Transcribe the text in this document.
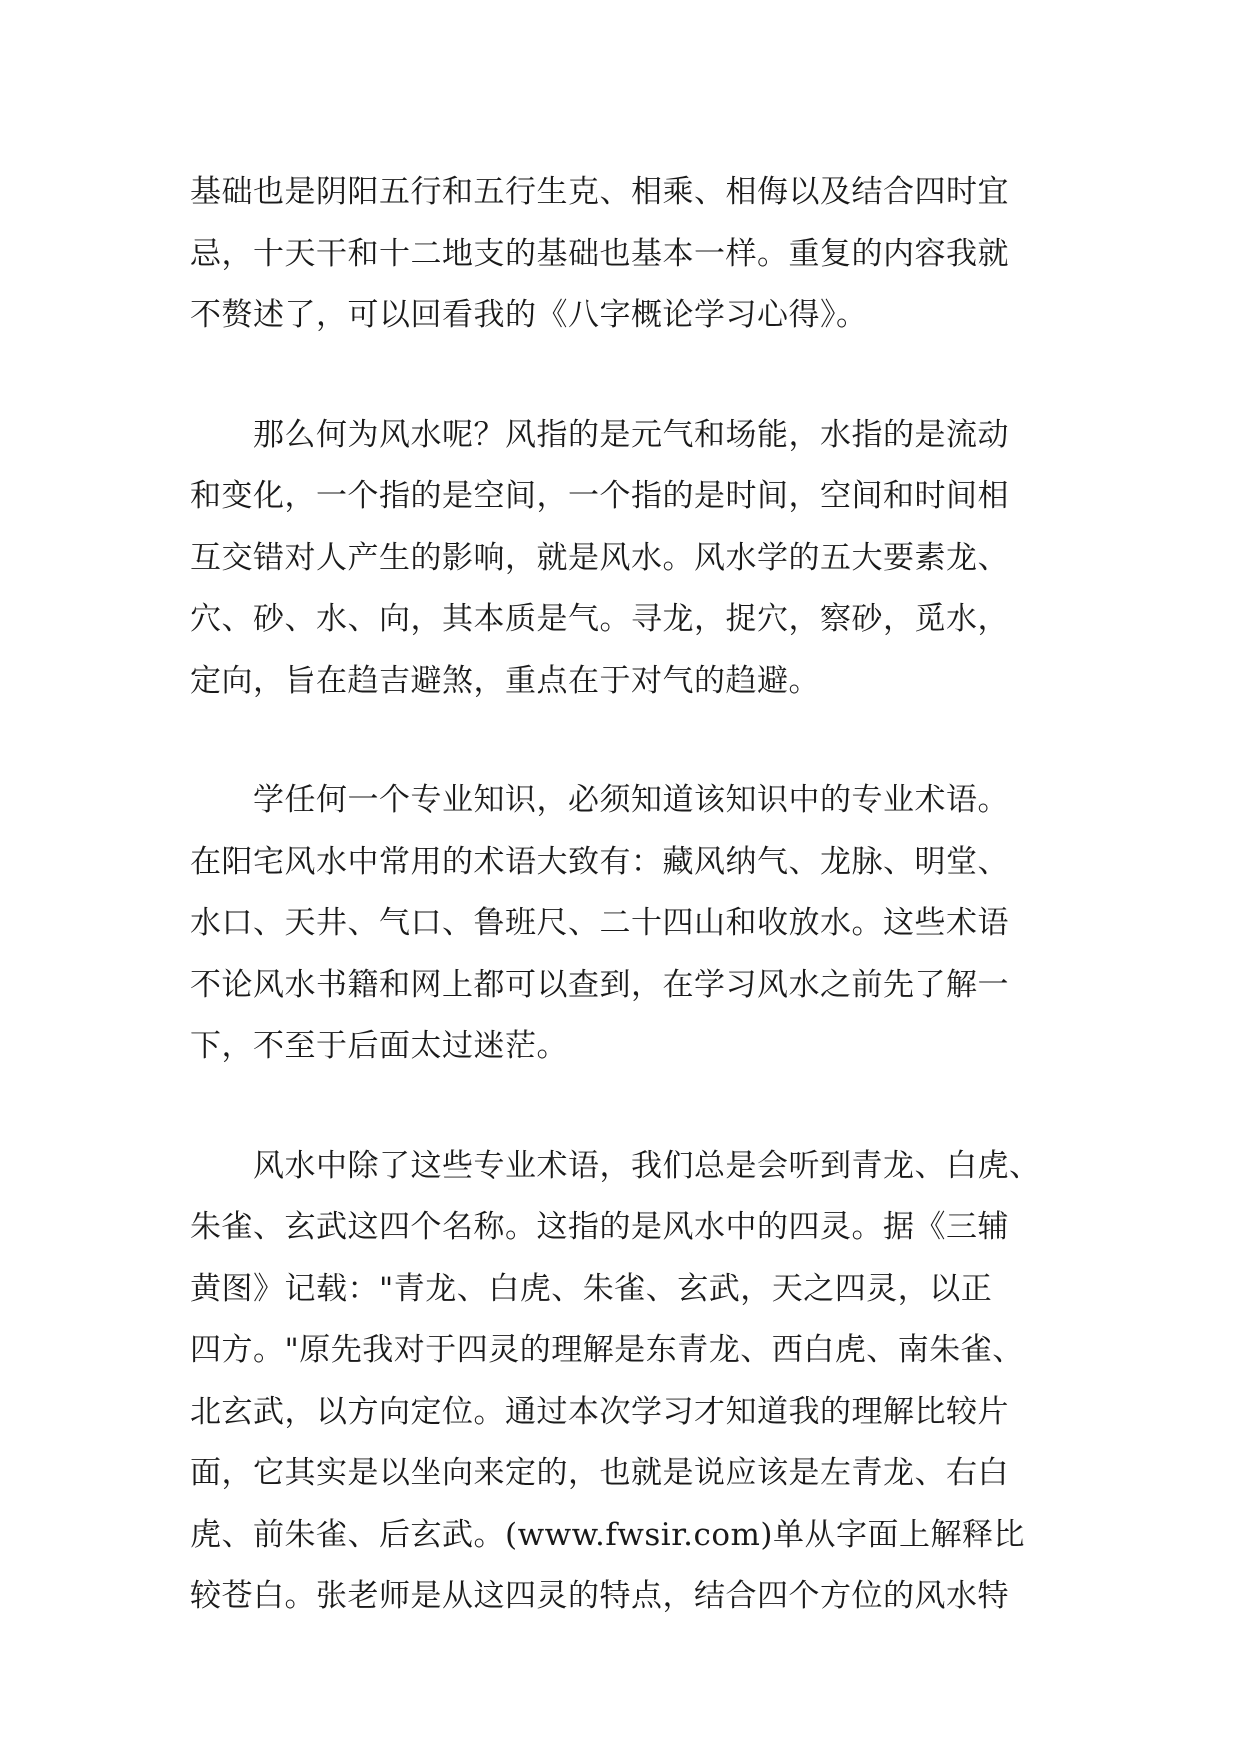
基础也是阴阳五行和五行生克、相乘、相侮以及结合四时宜
忌，十天干和十二地支的基础也基本一样。重复的内容我就
不赘述了，可以回看我的《八字概论学习心得》。

　　那么何为风水呢？风指的是元气和场能，水指的是流动
和变化，一个指的是空间，一个指的是时间，空间和时间相
互交错对人产生的影响，就是风水。风水学的五大要素龙、
穴、砂、水、向，其本质是气。寻龙，捉穴，察砂，觅水，
定向，旨在趋吉避煞，重点在于对气的趋避。

　　学任何一个专业知识，必须知道该知识中的专业术语。
在阳宅风水中常用的术语大致有：藏风纳气、龙脉、明堂、
水口、天井、气口、鲁班尺、二十四山和收放水。这些术语
不论风水书籍和网上都可以查到，在学习风水之前先了解一
下，不至于后面太过迷茫。

　　风水中除了这些专业术语，我们总是会听到青龙、白虎、
朱雀、玄武这四个名称。这指的是风水中的四灵。据《三辅
黄图》记载："青龙、白虎、朱雀、玄武，天之四灵，以正
四方。"原先我对于四灵的理解是东青龙、西白虎、南朱雀、
北玄武，以方向定位。通过本次学习才知道我的理解比较片
面，它其实是以坐向来定的，也就是说应该是左青龙、右白
虎、前朱雀、后玄武。(www.fwsir.com)单从字面上解释比
较苍白。张老师是从这四灵的特点，结合四个方位的风水特
